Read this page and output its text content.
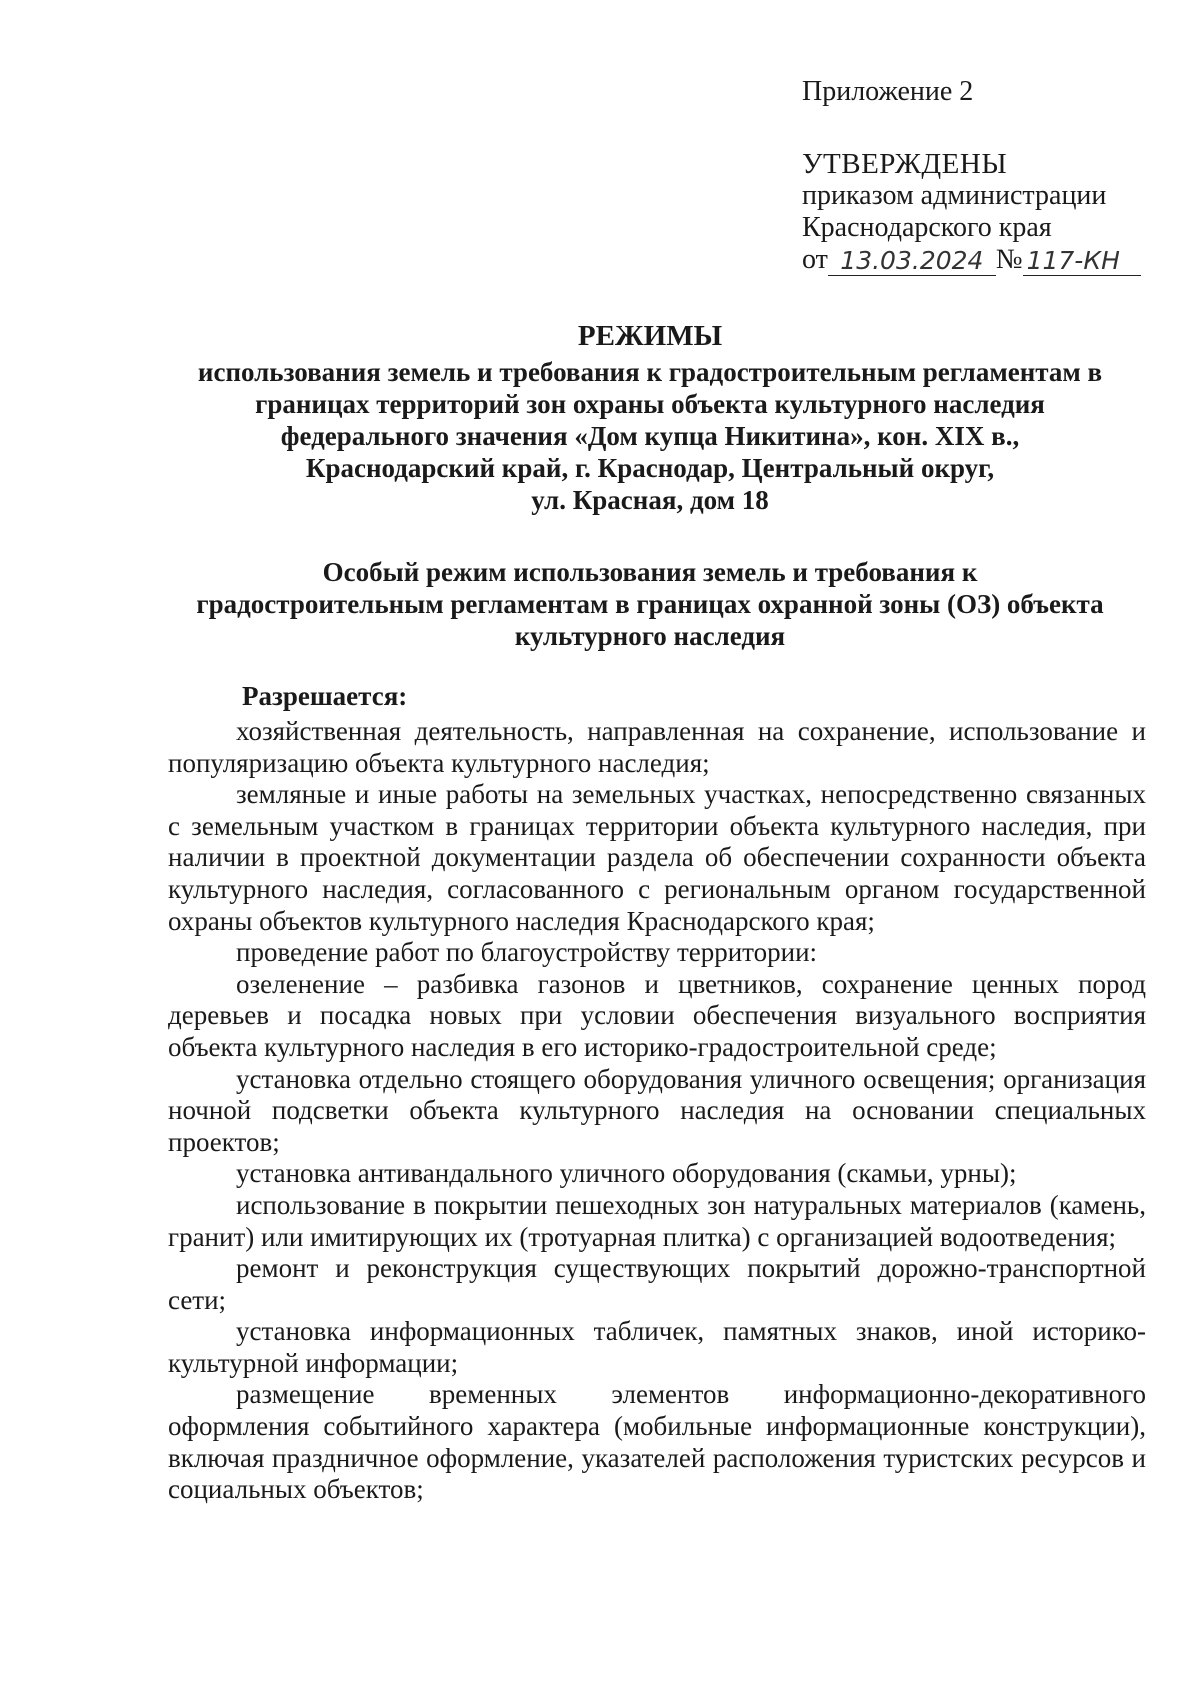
Приложение 2
УТВЕРЖДЕНЫ
приказом администрации
Краснодарского края
от 13.03.2024 № 117-КН
РЕЖИМЫ
использования земель и требования к градостроительным регламентам в
границах территорий зон охраны объекта культурного наследия
федерального значения «Дом купца Никитина», кон. XIX в.,
Краснодарский край, г. Краснодар, Центральный округ,
ул. Красная, дом 18
Особый режим использования земель и требования к
градостроительным регламентам в границах охранной зоны (ОЗ) объекта
культурного наследия
Разрешается:

хозяйственная деятельность, направленная на сохранение, использование и популяризацию объекта культурного наследия;

земляные и иные работы на земельных участках, непосредственно связанных с земельным участком в границах территории объекта культурного наследия, при наличии в проектной документации раздела об обеспечении сохранности объекта культурного наследия, согласованного с региональным органом государственной охраны объектов культурного наследия Краснодарского края;

проведение работ по благоустройству территории:

озеленение – разбивка газонов и цветников, сохранение ценных пород деревьев и посадка новых при условии обеспечения визуального восприятия объекта культурного наследия в его историко-градостроительной среде;

установка отдельно стоящего оборудования уличного освещения; организация ночной подсветки объекта культурного наследия на основании специальных проектов;

установка антивандального уличного оборудования (скамьи, урны);

использование в покрытии пешеходных зон натуральных материалов (камень, гранит) или имитирующих их (тротуарная плитка) с организацией водоотведения;

ремонт и реконструкция существующих покрытий дорожно-транспортной сети;

установка информационных табличек, памятных знаков, иной историко-культурной информации;

размещение временных элементов информационно-декоративного оформления событийного характера (мобильные информационные конструкции), включая праздничное оформление, указателей расположения туристских ресурсов и социальных объектов;
